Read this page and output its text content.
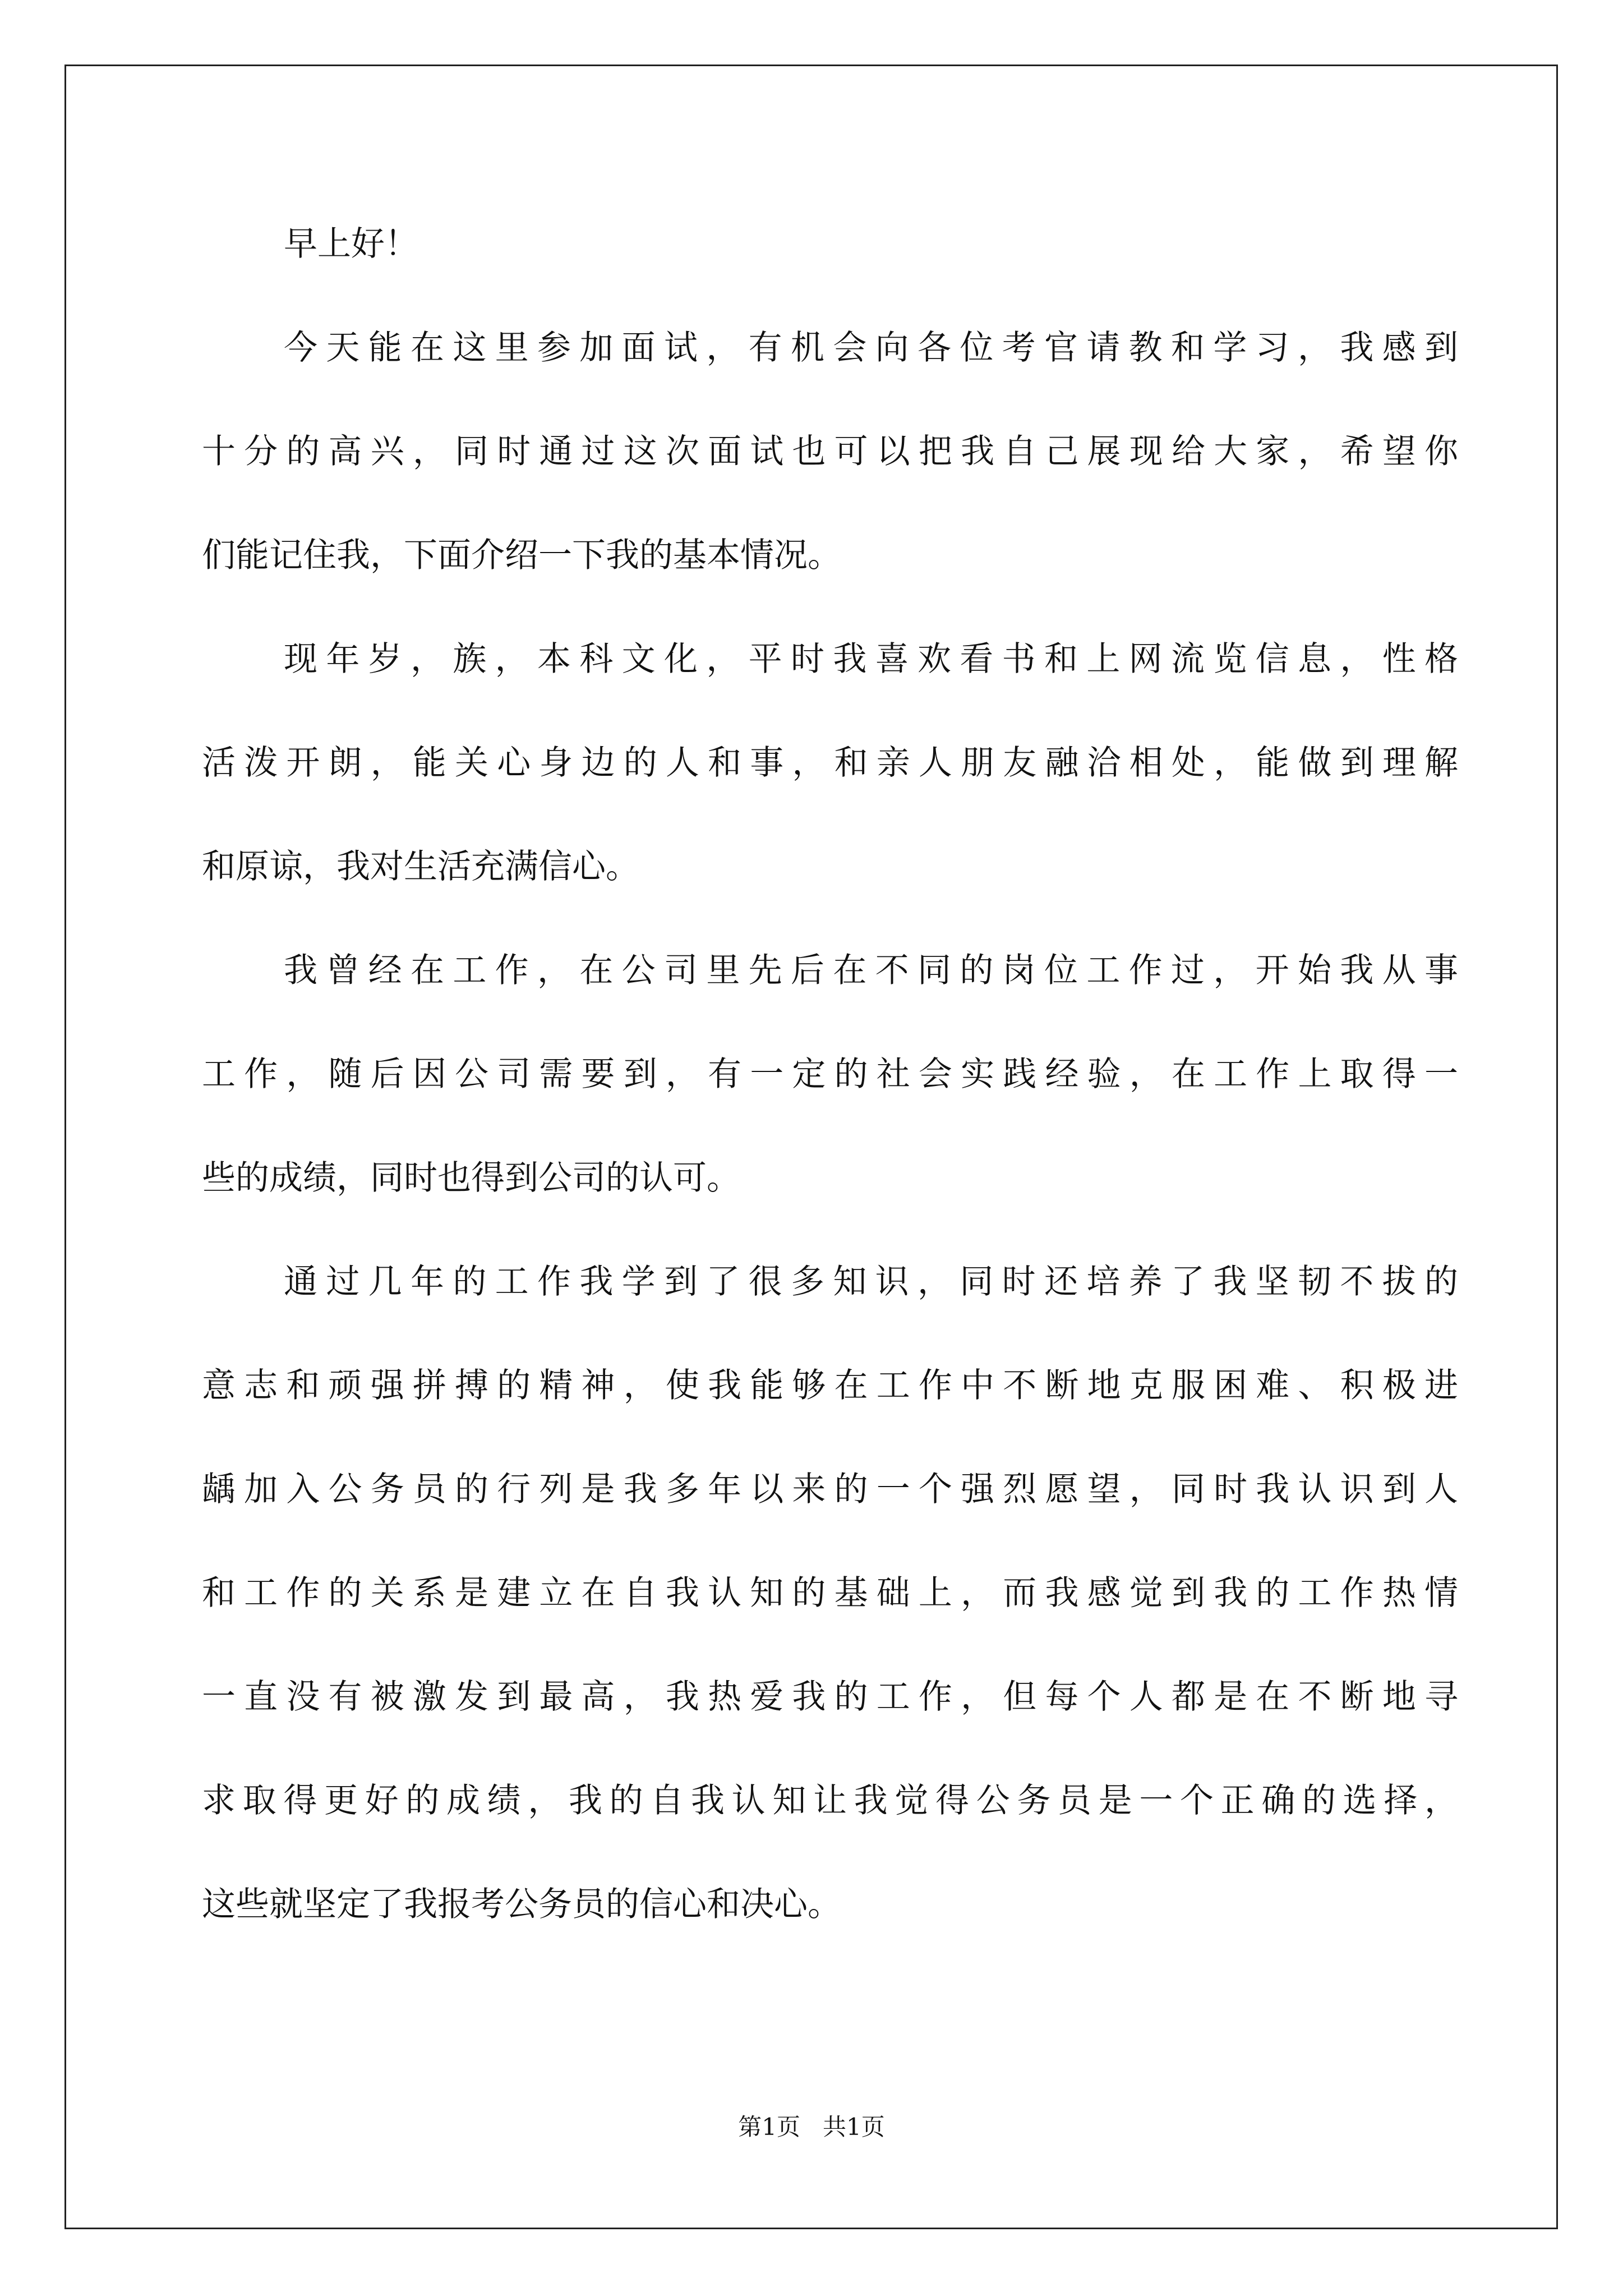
早上好！
今天能在这里参加面试，有机会向各位考官请教和学习，我感到
十分的高兴，同时通过这次面试也可以把我自己展现给大家，希望你
们能记住我，下面介绍一下我的基本情况。
现年岁，族，本科文化，平时我喜欢看书和上网流览信息，性格
活泼开朗，能关心身边的人和事，和亲人朋友融洽相处，能做到理解
和原谅，我对生活充满信心。
我曾经在工作，在公司里先后在不同的岗位工作过，开始我从事
工作，随后因公司需要到，有一定的社会实践经验，在工作上取得一
些的成绩，同时也得到公司的认可。
通过几年的工作我学到了很多知识，同时还培养了我坚韧不拔的
意志和顽强拼搏的精神，使我能够在工作中不断地克服困难、积极进
龋加入公务员的行列是我多年以来的一个强烈愿望，同时我认识到人
和工作的关系是建立在自我认知的基础上，而我感觉到我的工作热情
一直没有被激发到最高，我热爱我的工作，但每个人都是在不断地寻
求取得更好的成绩，我的自我认知让我觉得公务员是一个正确的选择，
这些就坚定了我报考公务员的信心和决心。
第1页   共1页
